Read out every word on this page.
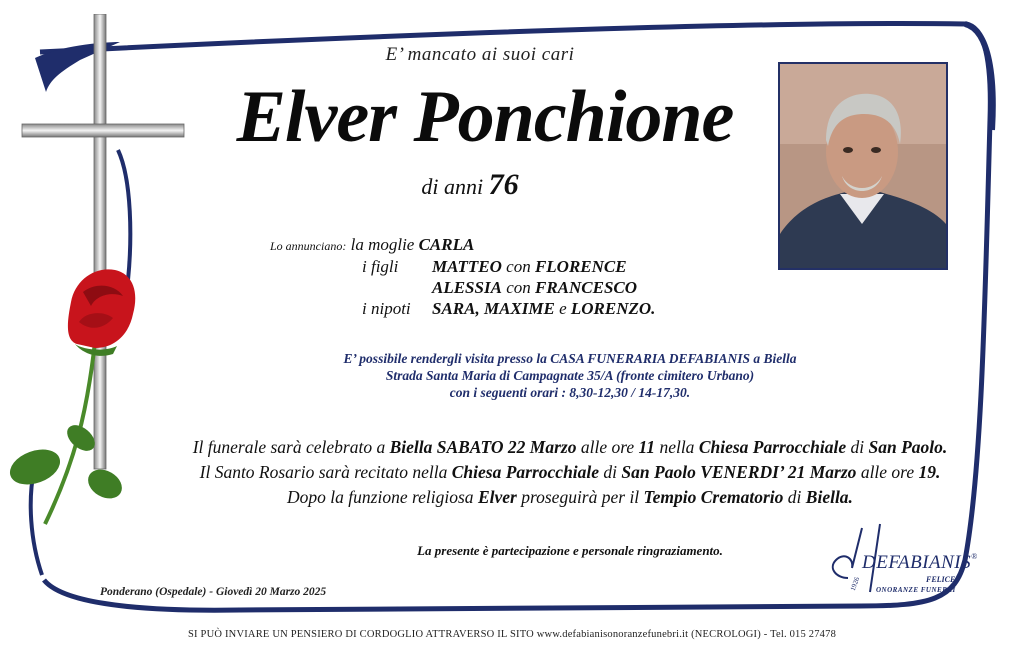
E’ mancato ai suoi cari
Elver Ponchione
di anni 76
Lo annunciano: la moglie CARLA
i figli MATTEO con FLORENCE
ALESSIA con FRANCESCO
i nipoti SARA, MAXIME e LORENZO.
E’ possibile rendergli visita presso la CASA FUNERARIA DEFABIANIS a Biella
Strada Santa Maria di Campagnate 35/A (fronte cimitero Urbano)
con i seguenti orari : 8,30-12,30 / 14-17,30.
Il funerale sarà celebrato a Biella SABATO 22 Marzo alle ore 11 nella Chiesa Parrocchiale di San Paolo.
Il Santo Rosario sarà recitato nella Chiesa Parrocchiale di San Paolo VENERDI’ 21 Marzo alle ore 19.
Dopo la funzione religiosa Elver proseguirà per il Tempio Crematorio di Biella.
La presente è partecipazione e personale ringraziamento.
Ponderano (Ospedale) - Giovedì 20 Marzo 2025
DEFABIANIS®
FELICE
ONORANZE FUNEBRI
1926
SI PUÒ INVIARE UN PENSIERO DI CORDOGLIO ATTRAVERSO IL SITO www.defabianisonoranzefunebri.it (NECROLOGI) - Tel. 015 27478
